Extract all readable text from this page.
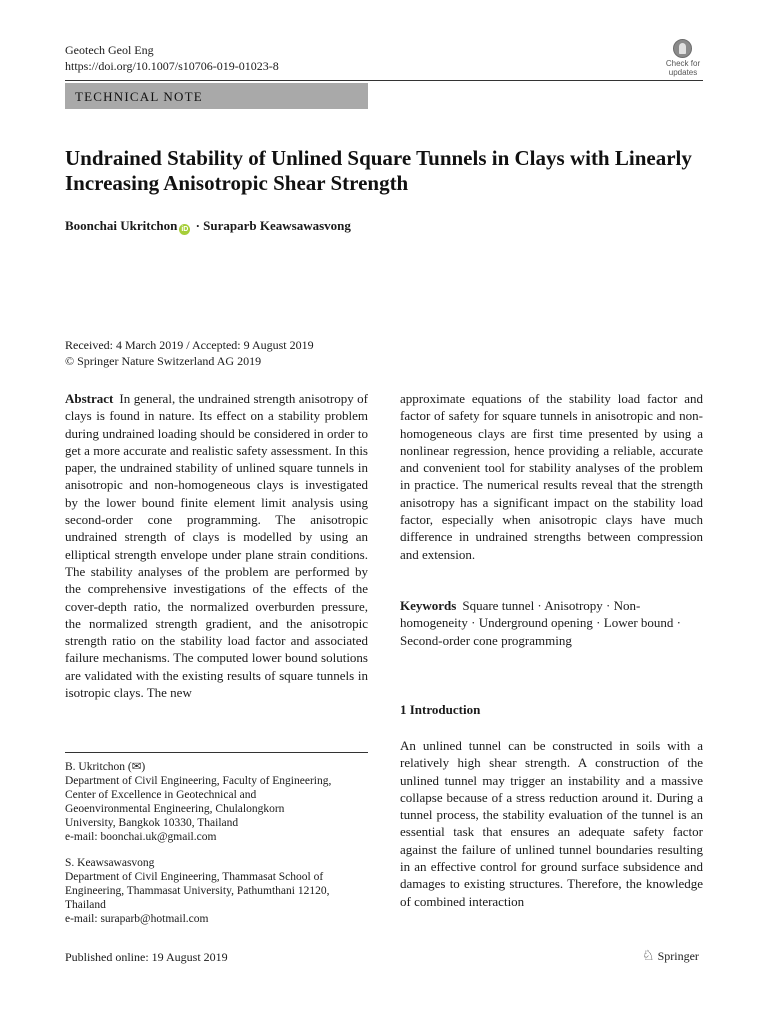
Geotech Geol Eng
https://doi.org/10.1007/s10706-019-01023-8	Check for
updates
TECHNICAL NOTE
Undrained Stability of Unlined Square Tunnels in Clays with Linearly Increasing Anisotropic Shear Strength
Boonchai Ukritchon iD · Suraparb Keawsawasvong
Received: 4 March 2019 / Accepted: 9 August 2019
© Springer Nature Switzerland AG 2019
Abstract In general, the undrained strength anisotropy of clays is found in nature. Its effect on a stability problem during undrained loading should be considered in order to get a more accurate and realistic safety assessment. In this paper, the undrained stability of unlined square tunnels in anisotropic and non-homogeneous clays is investigated by the lower bound finite element limit analysis using second-order cone programming. The anisotropic undrained strength of clays is modelled by using an elliptical strength envelope under plane strain conditions. The stability analyses of the problem are performed by the comprehensive investigations of the effects of the cover-depth ratio, the normalized overburden pressure, the normalized strength gradient, and the anisotropic strength ratio on the stability load factor and associated failure mechanisms. The computed lower bound solutions are validated with the existing results of square tunnels in isotropic clays. The new
approximate equations of the stability load factor and factor of safety for square tunnels in anisotropic and non-homogeneous clays are first time presented by using a nonlinear regression, hence providing a reliable, accurate and convenient tool for stability analyses of the problem in practice. The numerical results reveal that the strength anisotropy has a significant impact on the stability load factor, especially when anisotropic clays have much difference in undrained strengths between compression and extension.
Keywords Square tunnel · Anisotropy · Non-homogeneity · Underground opening · Lower bound · Second-order cone programming
1 Introduction
An unlined tunnel can be constructed in soils with a relatively high shear strength. A construction of the unlined tunnel may trigger an instability and a massive collapse because of a stress reduction around it. During a tunnel process, the stability evaluation of the tunnel is an essential task that ensures an adequate safety factor against the failure of unlined tunnel boundaries resulting in an effective control for ground surface subsidence and damages to existing structures. Therefore, the knowledge of combined interaction
B. Ukritchon (✉)
Department of Civil Engineering, Faculty of Engineering,
Center of Excellence in Geotechnical and
Geoenvironmental Engineering, Chulalongkorn
University, Bangkok 10330, Thailand
e-mail: boonchai.uk@gmail.com
S. Keawsawasvong
Department of Civil Engineering, Thammasat School of
Engineering, Thammasat University, Pathumthani 12120,
Thailand
e-mail: suraparb@hotmail.com
Published online: 19 August 2019	♘ Springer
